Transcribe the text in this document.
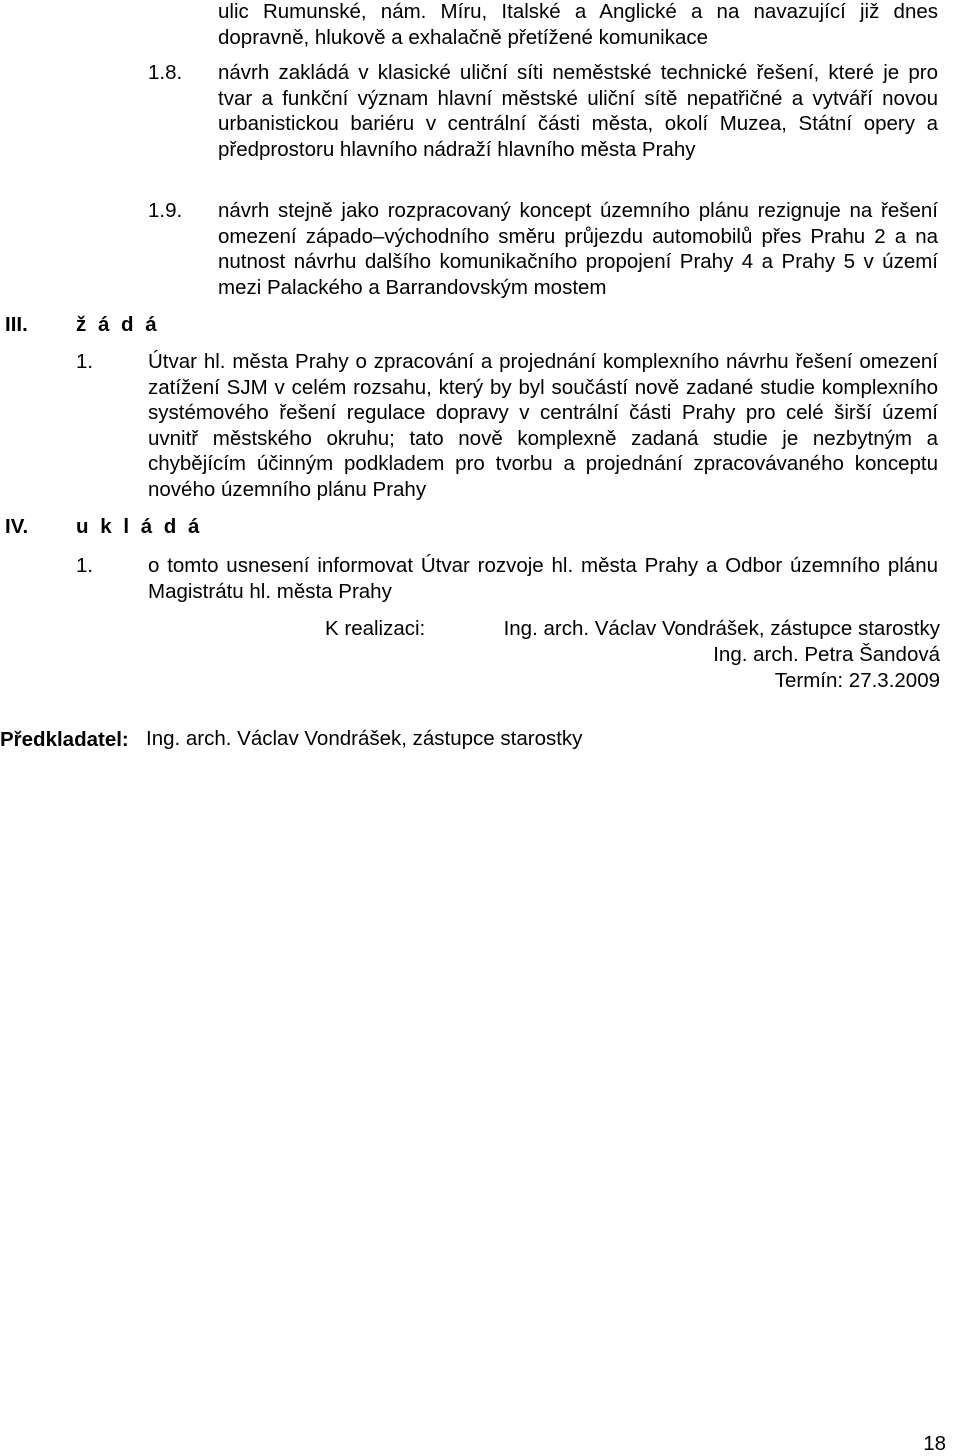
ulic Rumunské, nám. Míru, Italské a Anglické a na navazující již dnes dopravně, hlukově a exhalačně přetížené komunikace
1.8. návrh zakládá v klasické uliční síti neměstské technické řešení, které je pro tvar a funkční význam hlavní městské uliční sítě nepatřičné a vytváří novou urbanistickou bariéru v centrální části města, okolí Muzea, Státní opery a předprostoru hlavního nádraží hlavního města Prahy
1.9. návrh stejně jako rozpracovaný koncept územního plánu rezignuje na řešení omezení západo–východního směru průjezdu automobilů přes Prahu 2 a na nutnost návrhu dalšího komunikačního propojení Prahy 4 a Prahy 5 v území mezi Palackého a Barrandovským mostem
III. ž á d á
1.	Útvar hl. města Prahy o zpracování a projednání komplexního návrhu řešení omezení zatížení SJM v celém rozsahu, který by byl součástí nově zadané studie komplexního systémového řešení regulace dopravy v centrální části Prahy pro celé širší území uvnitř městského okruhu; tato nově komplexně zadaná studie je nezbytným a chybějícím účinným podkladem pro tvorbu a projednání zpracovávaného konceptu nového územního plánu Prahy
IV. u k l á d á
1.	o tomto usnesení informovat Útvar rozvoje hl. města Prahy a Odbor územního plánu Magistrátu hl. města Prahy
K realizaci:	Ing. arch. Václav Vondrášek, zástupce starostky
Ing. arch. Petra Šandová
Termín: 27.3.2009
Předkladatel: Ing. arch. Václav Vondrášek, zástupce starostky
18
